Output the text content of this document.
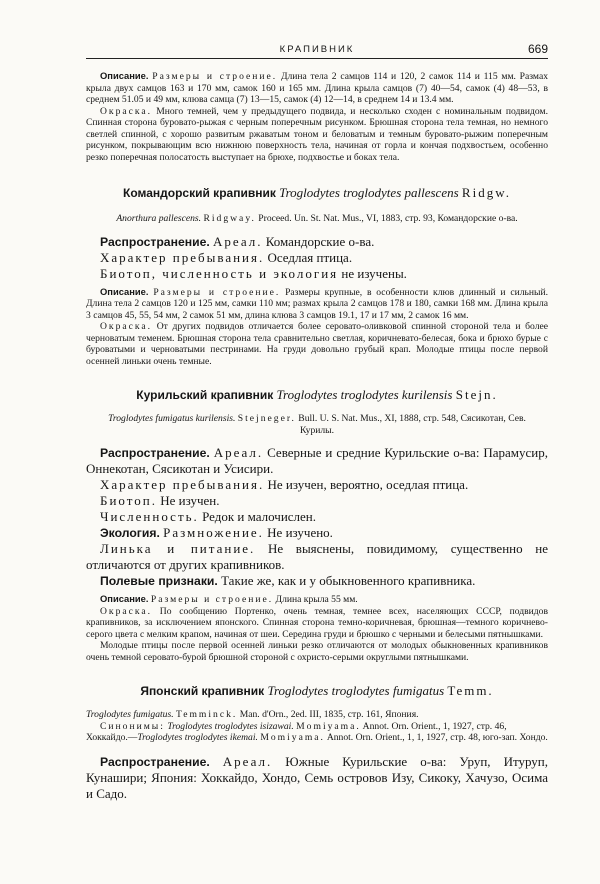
КРАПИВНИК	669

Описание. Размеры и строение. Длина тела 2 самцов 114 и 120, 2 самок 114 и 115 мм. Размах крыла двух самцов 163 и 170 мм, самок 160 и 165 мм. Длина крыла самцов (7) 40—54, самок (4) 48—53, в среднем 51.05 и 49 мм, клюва самца (7) 13—15, самок (4) 12—14, в среднем 14 и 13.4 мм.

Окраска. Много темней, чем у предыдущего подвида, и несколько сходен с номинальным подвидом. Спинная сторона буровато-рыжая с черным поперечным рисунком. Брюшная сторона тела темная, но немного светлей спинной, с хорошо развитым ржаватым тоном и беловатым и темным буровато-рыжим поперечным рисунком, покрывающим всю нижнюю поверхность тела, начиная от горла и кончая подхвостьем, особенно резко поперечная полосатость выступает на брюхе, подхвостье и боках тела.

Командорский крапивник Troglodytes troglodytes pallescens Ridgw.

Anorthura pallescens. Ridgway. Proceed. Un. St. Nat. Mus., VI, 1883, стр. 93, Командорские о-ва.

Распространение. Ареал. Командорские о-ва.

Характер пребывания. Оседлая птица.

Биотоп, численность и экология не изучены.

Описание. Размеры и строение. Размеры крупные, в особенности клюв длинный и сильный. Длина тела 2 самцов 120 и 125 мм, самки 110 мм; размах крыла 2 самцов 178 и 180, самки 168 мм. Длина крыла 3 самцов 45, 55, 54 мм, 2 самок 51 мм, длина клюва 3 самцов 19.1, 17 и 17 мм, 2 самок 16 мм.

Окраска. От других подвидов отличается более серовато-оливковой спинной стороной тела и более черноватым теменем. Брюшная сторона тела сравнительно светлая, коричневато-белесая, бока и брюхо бурые с буроватыми и черноватыми пестринами. На груди довольно грубый крап. Молодые птицы после первой осенней линьки очень темные.

Курильский крапивник Troglodytes troglodytes kurilensis Stejn.

Troglodytes fumigatus kurilensis. Stejneger. Bull. U. S. Nat. Mus., XI, 1888, стр. 548, Сясикотан, Сев. Курилы.

Распространение. Ареал. Северные и средние Курильские о-ва: Парамусир, Оннекотан, Сясикотан и Усисири.

Характер пребывания. Не изучен, вероятно, оседлая птица.

Биотоп. Не изучен.

Численность. Редок и малочислен.

Экология. Размножение. Не изучено.

Линька и питание. Не выяснены, повидимому, существенно не отличаются от других крапивников.

Полевые признаки. Такие же, как и у обыкновенного крапивника.

Описание. Размеры и строение. Длина крыла 55 мм.

Окраска. По сообщению Портенко, очень темная, темнее всех, населяющих СССР, подвидов крапивников, за исключением японского. Спинная сторона темно-коричневая, брюшная—темного коричнево-серого цвета с мелким крапом, начиная от шеи. Середина груди и брюшко с черными и белесыми пятнышками.

Молодые птицы после первой осенней линьки резко отличаются от молодых обыкновенных крапивников очень темной серовато-бурой брюшной стороной с охристо-серыми округлыми пятнышками.

Японский крапивник Troglodytes troglodytes fumigatus Temm.

Troglodytes fumigatus. Temminck. Man. d'Orn., 2ed. III, 1835, стр. 161, Япония.

Синонимы: Troglodytes troglodytes isizawai. Momiyama. Annot. Orn. Orient., 1, 1927, стр. 46, Хоккайдо.—Troglodytes troglodytes ikemai. Momiyama. Annot. Orn. Orient., 1, 1, 1927, стр. 48, юго-зап. Хондо.

Распространение. Ареал. Южные Курильские о-ва: Уруп, Итуруп, Кунашири; Япония: Хоккайдо, Хондо, Семь островов Изу, Сикоку, Хачузо, Осима и Садо.
